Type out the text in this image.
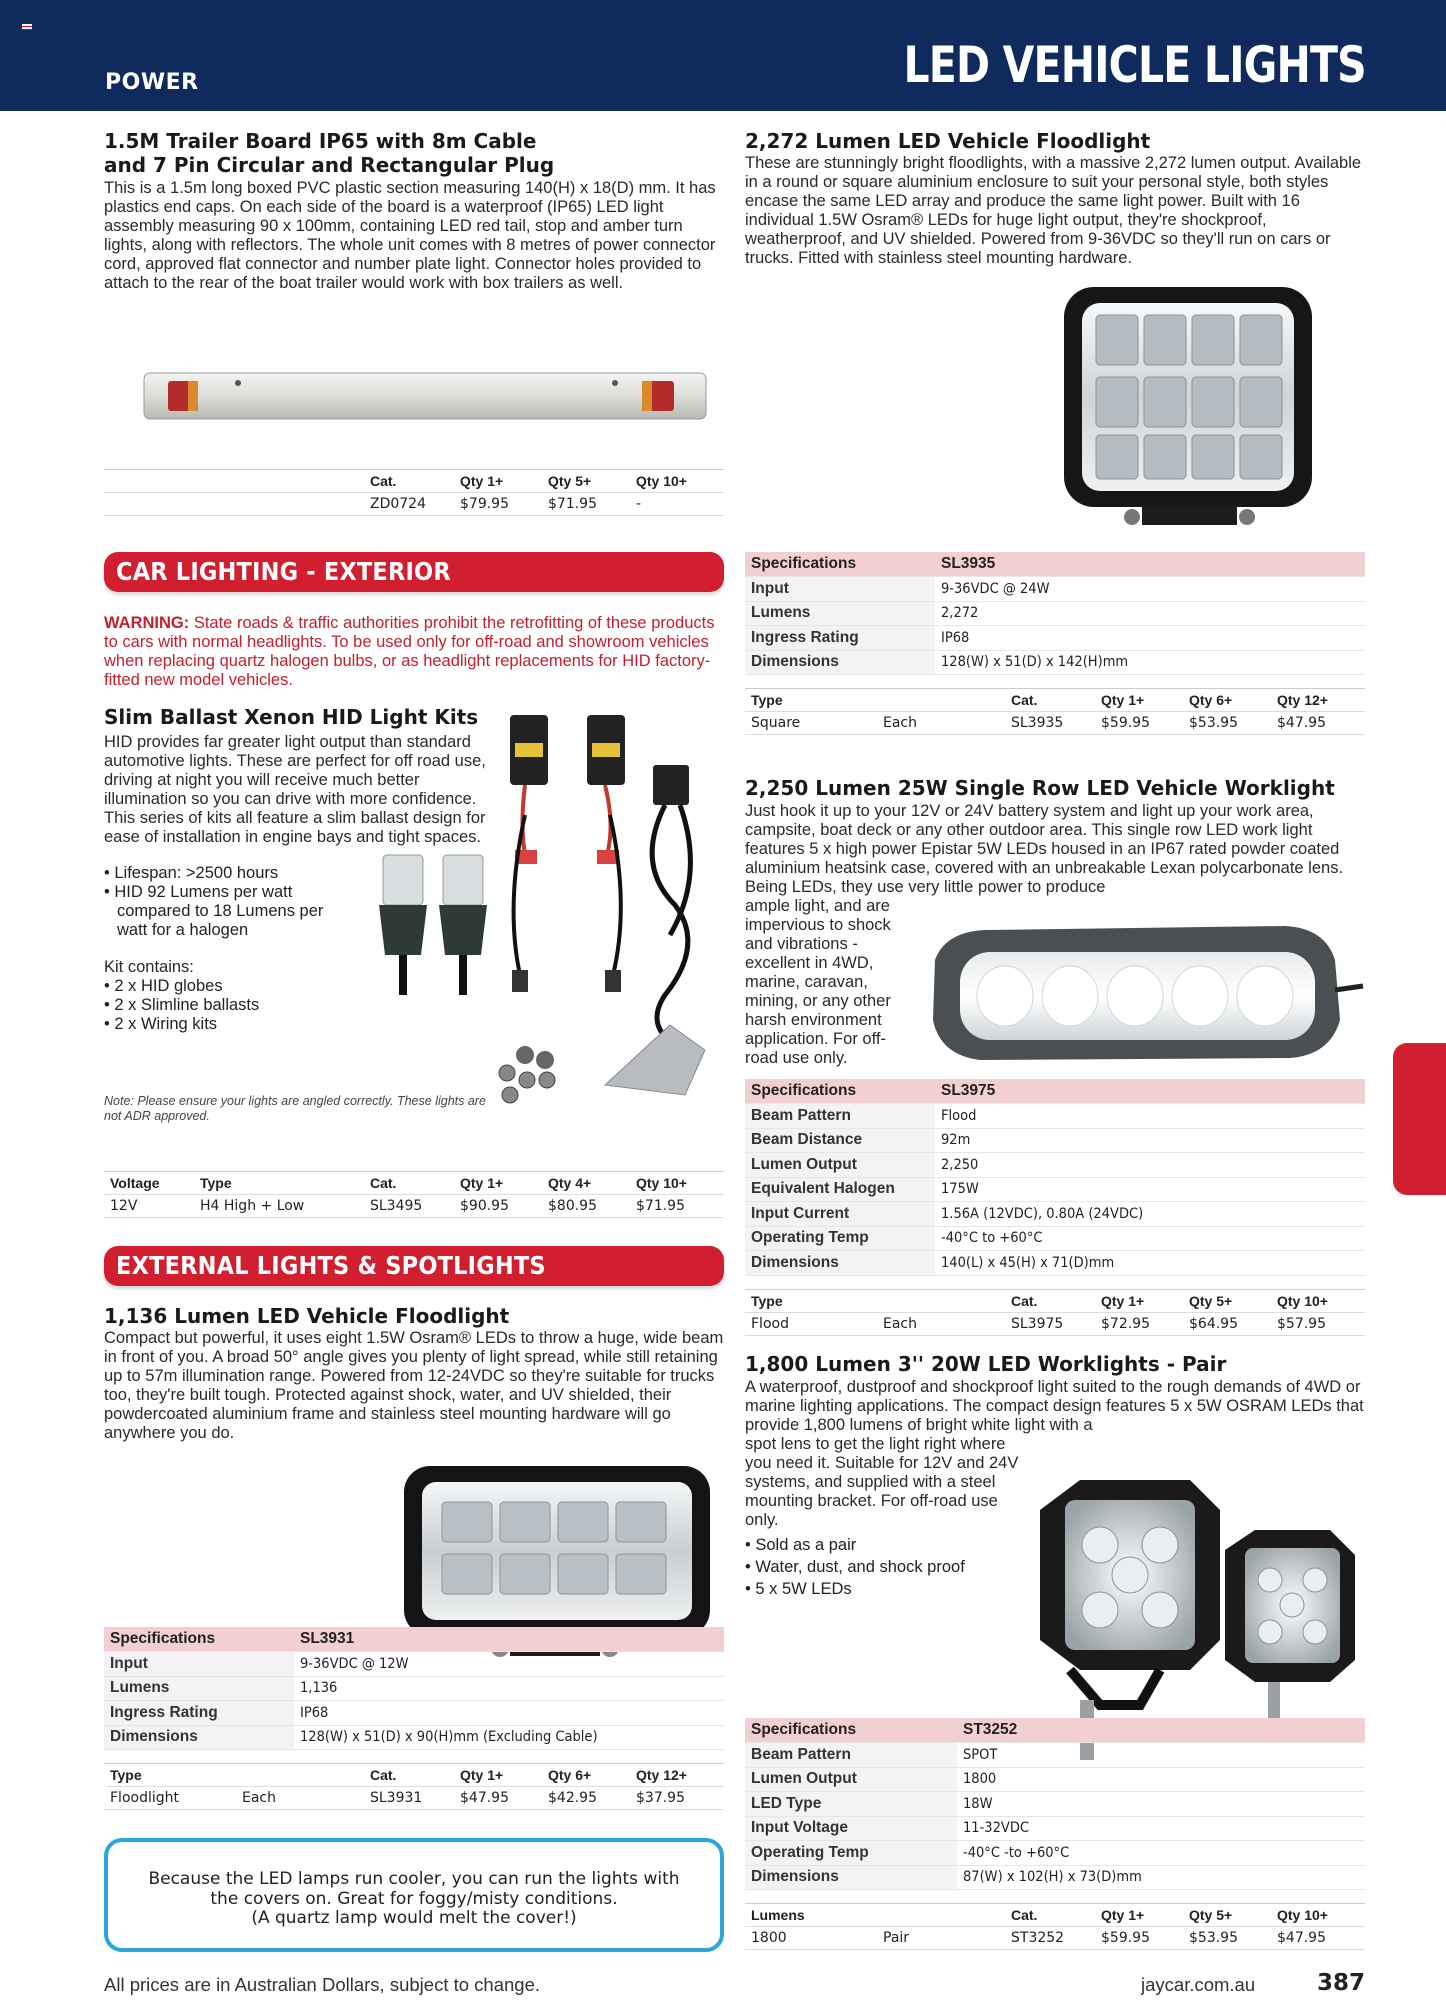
POWER	LED VEHICLE LIGHTS
1.5M Trailer Board IP65 with 8m Cable
and 7 Pin Circular and Rectangular Plug

This is a 1.5m long boxed PVC plastic section measuring 140(H) x 18(D) mm. It has plastics end caps. On each side of the board is a waterproof (IP65) LED light assembly measuring 90 x 100mm, containing LED red tail, stop and amber turn lights, along with reflectors. The whole unit comes with 8 metres of power connector cord, approved flat connector and number plate light. Connector holes provided to attach to the rear of the boat trailer would work with box trailers as well.

	Cat.	Qty 1+	Qty 5+	Qty 10+
	ZD0724	$79.95	$71.95	-
CAR LIGHTING - EXTERIOR
WARNING: State roads & traffic authorities prohibit the retrofitting of these products to cars with normal headlights. To be used only for off-road and showroom vehicles when replacing quartz halogen bulbs, or as headlight replacements for HID factory-fitted new model vehicles.
Slim Ballast Xenon HID Light Kits

HID provides far greater light output than standard automotive lights. These are perfect for off road use, driving at night you will receive much better illumination so you can drive with more confidence. This series of kits all feature a slim ballast design for ease of installation in engine bays and tight spaces.

• Lifespan: >2500 hours
• HID 92 Lumens per watt compared to 18 Lumens per watt for a halogen

Kit contains:

• 2 x HID globes
• 2 x Slimline ballasts
• 2 x Wiring kits
Note: Please ensure your lights are angled correctly. These lights are not ADR approved.
Voltage	Type	Cat.	Qty 1+	Qty 4+	Qty 10+
12V	H4 High + Low	SL3495	$90.95	$80.95	$71.95
EXTERNAL LIGHTS & SPOTLIGHTS
1,136 Lumen LED Vehicle Floodlight

Compact but powerful, it uses eight 1.5W Osram® LEDs to throw a huge, wide beam in front of you. A broad 50° angle gives you plenty of light spread, while still retaining up to 57m illumination range. Powered from 12-24VDC so they're suitable for trucks too, they're built tough. Protected against shock, water, and UV shielded, their powdercoated aluminium frame and stainless steel mounting hardware will go anywhere you do.

Specifications	SL3931
Input	9-36VDC @ 12W
Lumens	1,136
Ingress Rating	IP68
Dimensions	128(W) x 51(D) x 90(H)mm (Excluding Cable)
Type		Cat.	Qty 1+	Qty 6+	Qty 12+
Floodlight	Each	SL3931	$47.95	$42.95	$37.95
Because the LED lamps run cooler, you can run the lights with
the covers on. Great for foggy/misty conditions.
(A quartz lamp would melt the cover!)
2,272 Lumen LED Vehicle Floodlight

These are stunningly bright floodlights, with a massive 2,272 lumen output. Available in a round or square aluminium enclosure to suit your personal style, both styles encase the same LED array and produce the same light power. Built with 16 individual 1.5W Osram® LEDs for huge light output, they're shockproof, weatherproof, and UV shielded. Powered from 9-36VDC so they'll run on cars or trucks. Fitted with stainless steel mounting hardware.

Specifications	SL3935
Input	9-36VDC @ 24W
Lumens	2,272
Ingress Rating	IP68
Dimensions	128(W) x 51(D) x 142(H)mm
Type		Cat.	Qty 1+	Qty 6+	Qty 12+
Square	Each	SL3935	$59.95	$53.95	$47.95
2,250 Lumen 25W Single Row LED Vehicle Worklight

Just hook it up to your 12V or 24V battery system and light up your work area, campsite, boat deck or any other outdoor area. This single row LED work light features 5 x high power Epistar 5W LEDs housed in an IP67 rated powder coated aluminium heatsink case, covered with an unbreakable Lexan polycarbonate lens. Being LEDs, they use very little power to produce

ample light, and are impervious to shock and vibrations - excellent in 4WD, marine, caravan, mining, or any other harsh environment application. For off-road use only.

Specifications	SL3975
Beam Pattern	Flood
Beam Distance	92m
Lumen Output	2,250
Equivalent Halogen	175W
Input Current	1.56A (12VDC), 0.80A (24VDC)
Operating Temp	-40°C to +60°C
Dimensions	140(L) x 45(H) x 71(D)mm
Type		Cat.	Qty 1+	Qty 5+	Qty 10+
Flood	Each	SL3975	$72.95	$64.95	$57.95
1,800 Lumen 3'' 20W LED Worklights - Pair

A waterproof, dustproof and shockproof light suited to the rough demands of 4WD or marine lighting applications. The compact design features 5 x 5W OSRAM LEDs that provide 1,800 lumens of bright white light with a

spot lens to get the light right where you need it. Suitable for 12V and 24V systems, and supplied with a steel mounting bracket. For off-road use only.

• Sold as a pair
• Water, dust, and shock proof
• 5 x 5W LEDs
Specifications	ST3252
Beam Pattern	SPOT
Lumen Output	1800
LED Type	18W
Input Voltage	11-32VDC
Operating Temp	-40°C -to +60°C
Dimensions	87(W) x 102(H) x 73(D)mm
Lumens		Cat.	Qty 1+	Qty 5+	Qty 10+
1800	Pair	ST3252	$59.95	$53.95	$47.95
All prices are in Australian Dollars, subject to change.	jaycar.com.au	387
